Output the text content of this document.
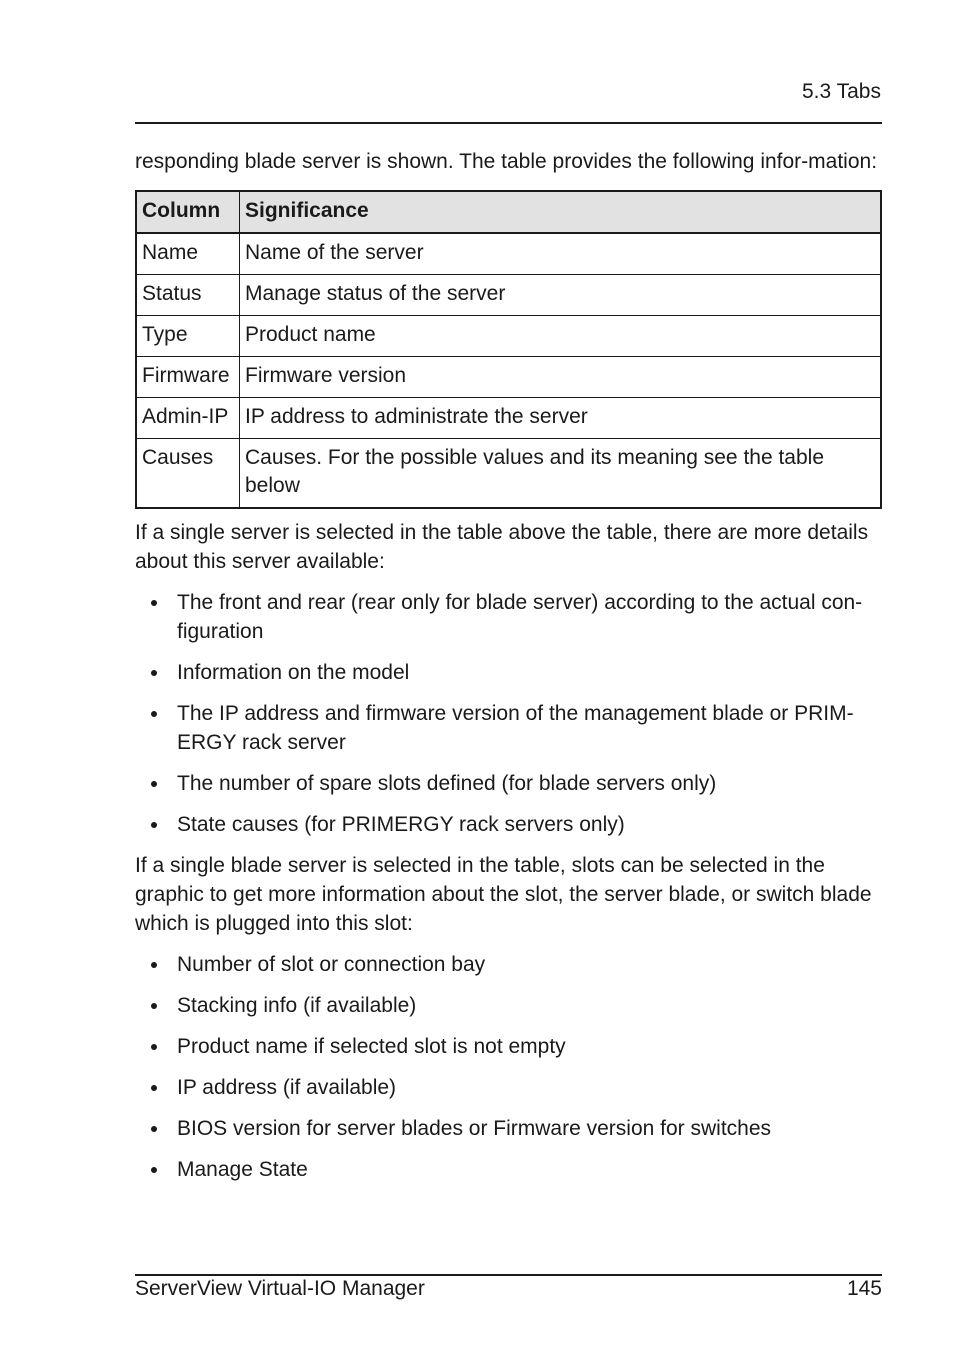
5.3 Tabs

responding blade server is shown. The table provides the following infor-mation:

Column	Significance
Name	Name of the server
Status	Manage status of the server
Type	Product name
Firmware	Firmware version
Admin-IP	IP address to administrate the server
Causes	Causes. For the possible values and its meaning see the table below

If a single server is selected in the table above the table, there are more details about this server available:

The front and rear (rear only for blade server) according to the actual con-figuration
Information on the model
The IP address and firmware version of the management blade or PRIM-ERGY rack server
The number of spare slots defined (for blade servers only)
State causes (for PRIMERGY rack servers only)

If a single blade server is selected in the table, slots can be selected in the graphic to get more information about the slot, the server blade, or switch blade which is plugged into this slot:

Number of slot or connection bay
Stacking info (if available)
Product name if selected slot is not empty
IP address (if available)
BIOS version for server blades or Firmware version for switches
Manage State
ServerView Virtual-IO Manager	145
